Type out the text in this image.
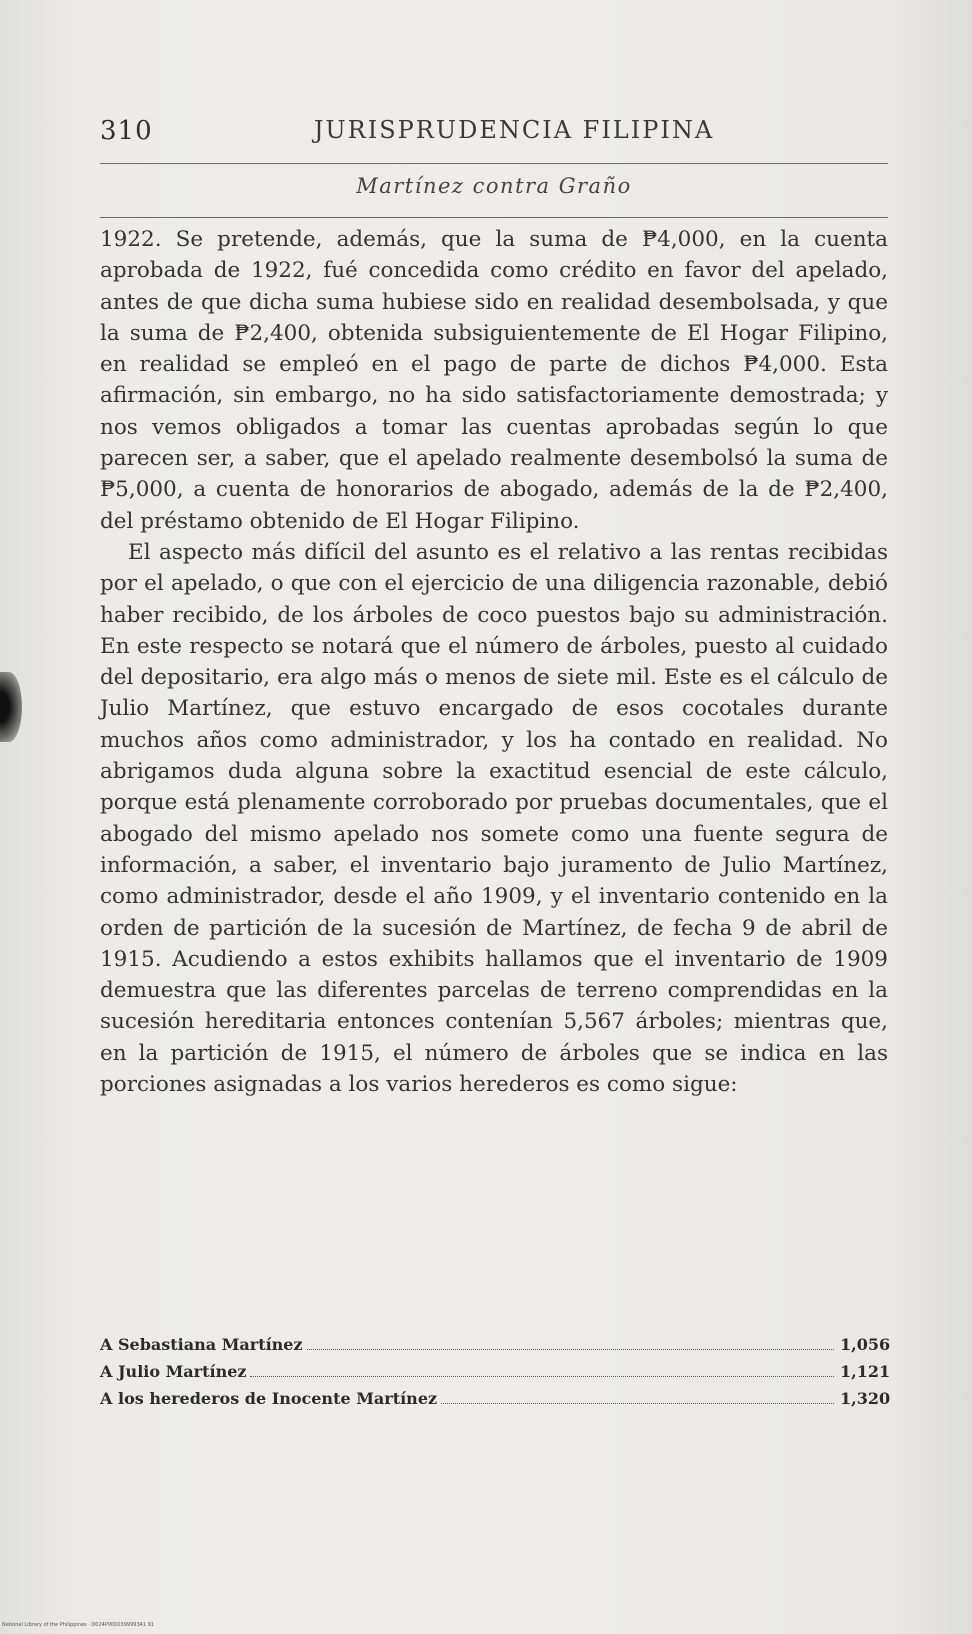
310	JURISPRUDENCIA FILIPINA
Martínez contra Graño

1922. Se pretende, además, que la suma de ₱4,000, en la cuenta aprobada de 1922, fué concedida como crédito en favor del apelado, antes de que dicha suma hubiese sido en realidad desembolsada, y que la suma de ₱2,400, obtenida subsiguientemente de El Hogar Filipino, en realidad se empleó en el pago de parte de dichos ₱4,000. Esta afirmación, sin embargo, no ha sido satisfactoriamente demostrada; y nos vemos obligados a tomar las cuentas aprobadas según lo que parecen ser, a saber, que el apelado realmente desembolsó la suma de ₱5,000, a cuenta de honorarios de abogado, además de la de ₱2,400, del préstamo obtenido de El Hogar Filipino.

El aspecto más difícil del asunto es el relativo a las rentas recibidas por el apelado, o que con el ejercicio de una diligencia razonable, debió haber recibido, de los árboles de coco puestos bajo su administración. En este respecto se notará que el número de árboles, puesto al cuidado del depositario, era algo más o menos de siete mil. Este es el cálculo de Julio Martínez, que estuvo encargado de esos cocotales durante muchos años como administrador, y los ha contado en realidad. No abrigamos duda alguna sobre la exactitud esencial de este cálculo, porque está plenamente corroborado por pruebas documentales, que el abogado del mismo apelado nos somete como una fuente segura de información, a saber, el inventario bajo juramento de Julio Martínez, como administrador, desde el año 1909, y el inventario contenido en la orden de partición de la sucesión de Martínez, de fecha 9 de abril de 1915. Acudiendo a estos exhibits hallamos que el inventario de 1909 demuestra que las diferentes parcelas de terreno comprendidas en la sucesión hereditaria entonces contenían 5,567 árboles; mientras que, en la partición de 1915, el número de árboles que se indica en las porciones asignadas a los varios herederos es como sigue:

A Sebastiana Martínez	1,056
A Julio Martínez	1,121
A los herederos de Inocente Martínez	1,320
National Library of the Philippines · D024P000039999341 91
